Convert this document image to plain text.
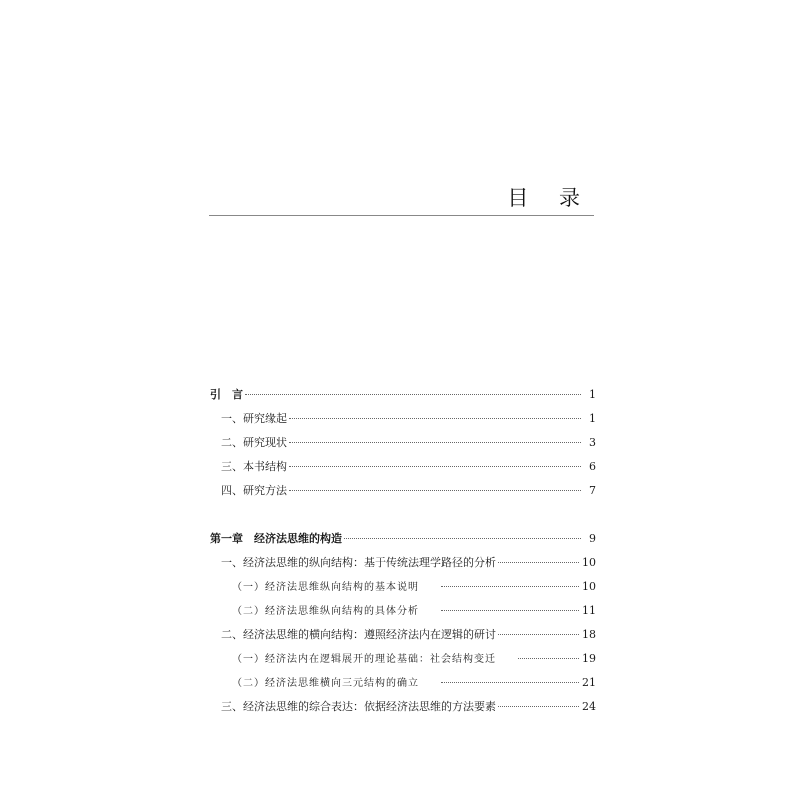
目 录
引　言	1
一、研究缘起	1
二、研究现状	3
三、本书结构	6
四、研究方法	7
第一章　经济法思维的构造	9
一、经济法思维的纵向结构：基于传统法理学路径的分析	10
（一）经济法思维纵向结构的基本说明	10
（二）经济法思维纵向结构的具体分析	11
二、经济法思维的横向结构：遵照经济法内在逻辑的研讨	18
（一）经济法内在逻辑展开的理论基础：社会结构变迁	19
（二）经济法思维横向三元结构的确立	21
三、经济法思维的综合表达：依据经济法思维的方法要素	24
